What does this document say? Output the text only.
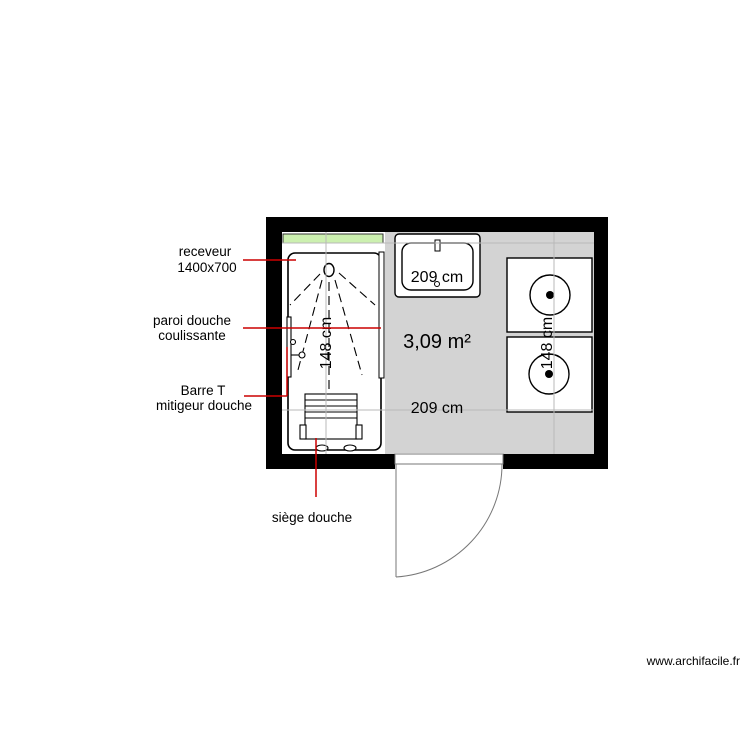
209 cm
209 cm
148 cm	148 cm
3,09 m²
receveur
1400x700
paroi douche
coulissante
Barre T
mitigeur douche
siège douche
www.archifacile.fr
